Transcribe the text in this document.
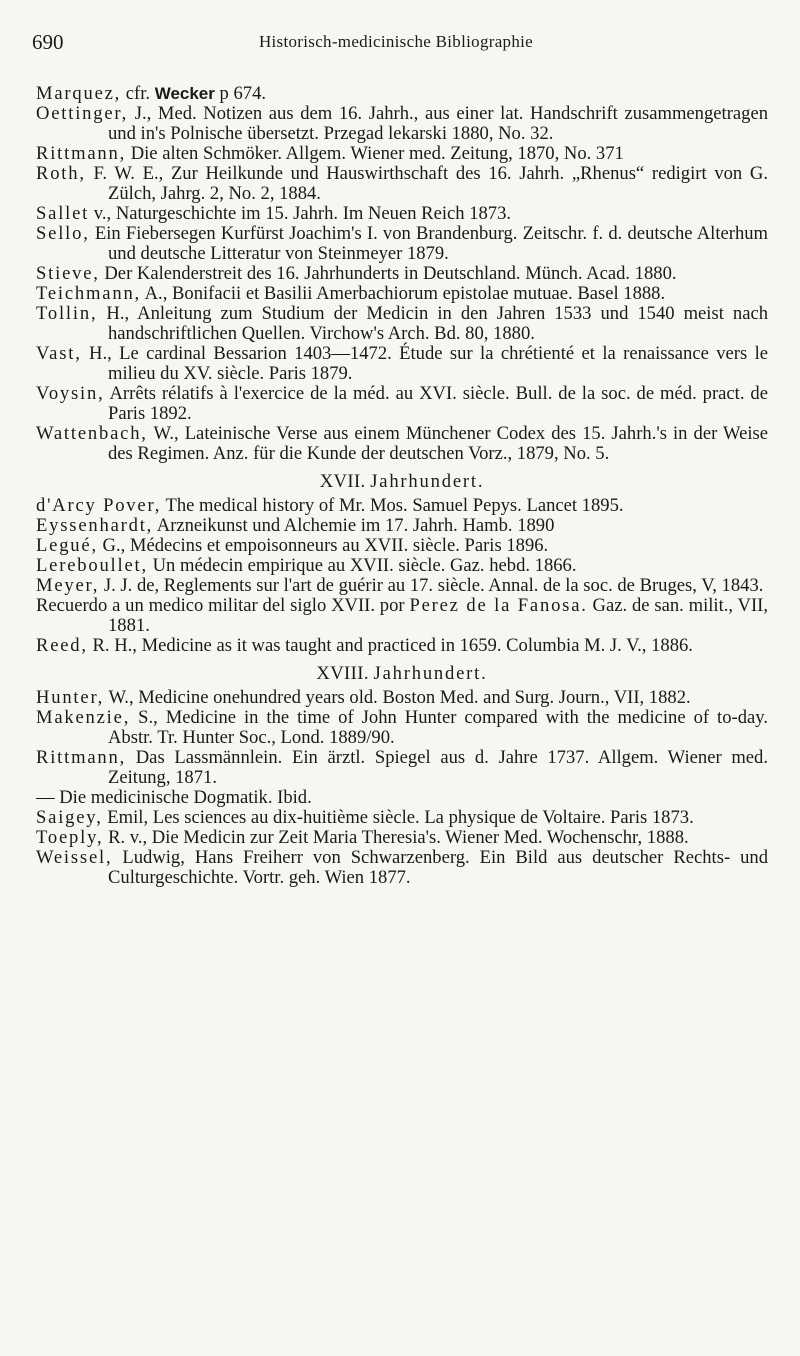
690	Historisch-medicinische Bibliographie

Marquez, cfr. Wecker p 674.

Oettinger, J., Med. Notizen aus dem 16. Jahrh., aus einer lat. Handschrift zusammengetragen und in's Polnische übersetzt. Przegad lekarski 1880, No. 32.

Rittmann, Die alten Schmöker. Allgem. Wiener med. Zeitung, 1870, No. 371

Roth, F. W. E., Zur Heilkunde und Hauswirthschaft des 16. Jahrh. „Rhenus“ redigirt von G. Zülch, Jahrg. 2, No. 2, 1884.

Sallet v., Naturgeschichte im 15. Jahrh. Im Neuen Reich 1873.

Sello, Ein Fiebersegen Kurfürst Joachim's I. von Brandenburg. Zeitschr. f. d. deutsche Alterhum und deutsche Litteratur von Steinmeyer 1879.

Stieve, Der Kalenderstreit des 16. Jahrhunderts in Deutschland. Münch. Acad. 1880.

Teichmann, A., Bonifacii et Basilii Amerbachiorum epistolae mutuae. Basel 1888.

Tollin, H., Anleitung zum Studium der Medicin in den Jahren 1533 und 1540 meist nach handschriftlichen Quellen. Virchow's Arch. Bd. 80, 1880.

Vast, H., Le cardinal Bessarion 1403—1472. Étude sur la chrétienté et la renaissance vers le milieu du XV. siècle. Paris 1879.

Voysin, Arrêts rélatifs à l'exercice de la méd. au XVI. siècle. Bull. de la soc. de méd. pract. de Paris 1892.

Wattenbach, W., Lateinische Verse aus einem Münchener Codex des 15. Jahrh.'s in der Weise des Regimen. Anz. für die Kunde der deutschen Vorz., 1879, No. 5.

XVII. Jahrhundert.

d'Arcy Pover, The medical history of Mr. Mos. Samuel Pepys. Lancet 1895.

Eyssenhardt, Arzneikunst und Alchemie im 17. Jahrh. Hamb. 1890

Legué, G., Médecins et empoisonneurs au XVII. siècle. Paris 1896.

Lereboullet, Un médecin empirique au XVII. siècle. Gaz. hebd. 1866.

Meyer, J. J. de, Reglements sur l'art de guérir au 17. siècle. Annal. de la soc. de Bruges, V, 1843.

Recuerdo a un medico militar del siglo XVII. por Perez de la Fanosa. Gaz. de san. milit., VII, 1881.

Reed, R. H., Medicine as it was taught and practiced in 1659. Columbia M. J. V., 1886.

XVIII. Jahrhundert.

Hunter, W., Medicine onehundred years old. Boston Med. and Surg. Journ., VII, 1882.

Makenzie, S., Medicine in the time of John Hunter compared with the medicine of to-day. Abstr. Tr. Hunter Soc., Lond. 1889/90.

Rittmann, Das Lassmännlein. Ein ärztl. Spiegel aus d. Jahre 1737. Allgem. Wiener med. Zeitung, 1871.

— Die medicinische Dogmatik. Ibid.

Saigey, Emil, Les sciences au dix-huitième siècle. La physique de Voltaire. Paris 1873.

Toeply, R. v., Die Medicin zur Zeit Maria Theresia's. Wiener Med. Wochenschr, 1888.

Weissel, Ludwig, Hans Freiherr von Schwarzenberg. Ein Bild aus deutscher Rechts- und Culturgeschichte. Vortr. geh. Wien 1877.
